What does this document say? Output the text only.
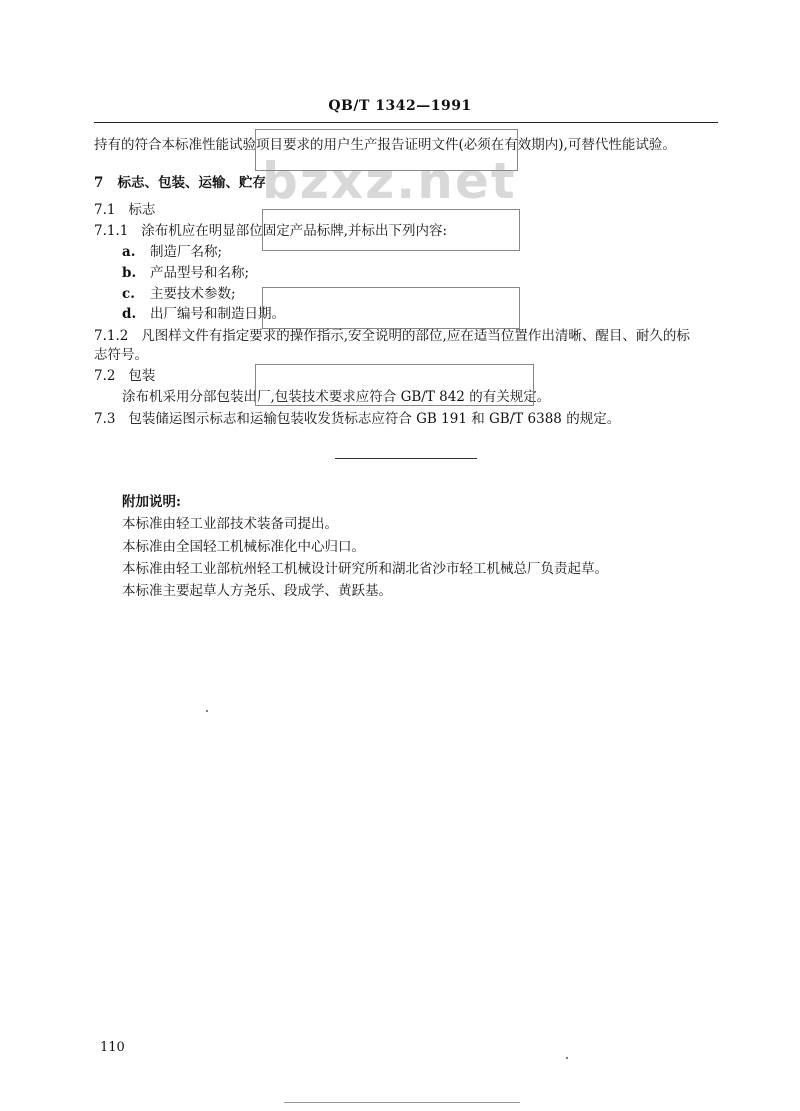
QB/T 1342—1991
bzxz.net
持有的符合本标准性能试验项目要求的用户生产报告证明文件(必须在有效期内),可替代性能试验。
7 标志、包装、运输、贮存
7.1 标志
7.1.1 涂布机应在明显部位固定产品标牌,并标出下列内容:
a. 制造厂名称;
b. 产品型号和名称;
c. 主要技术参数;
d. 出厂编号和制造日期。
7.1.2 凡图样文件有指定要求的操作指示,安全说明的部位,应在适当位置作出清晰、醒目、耐久的标
志符号。
7.2 包装
涂布机采用分部包装出厂,包装技术要求应符合 GB/T 842 的有关规定。
7.3 包装储运图示标志和运输包装收发货标志应符合 GB 191 和 GB/T 6388 的规定。
附加说明:
本标准由轻工业部技术装备司提出。
本标准由全国轻工机械标准化中心归口。
本标准由轻工业部杭州轻工机械设计研究所和湖北省沙市轻工机械总厂负责起草。
本标准主要起草人方尧乐、段成学、黄跃基。
110
